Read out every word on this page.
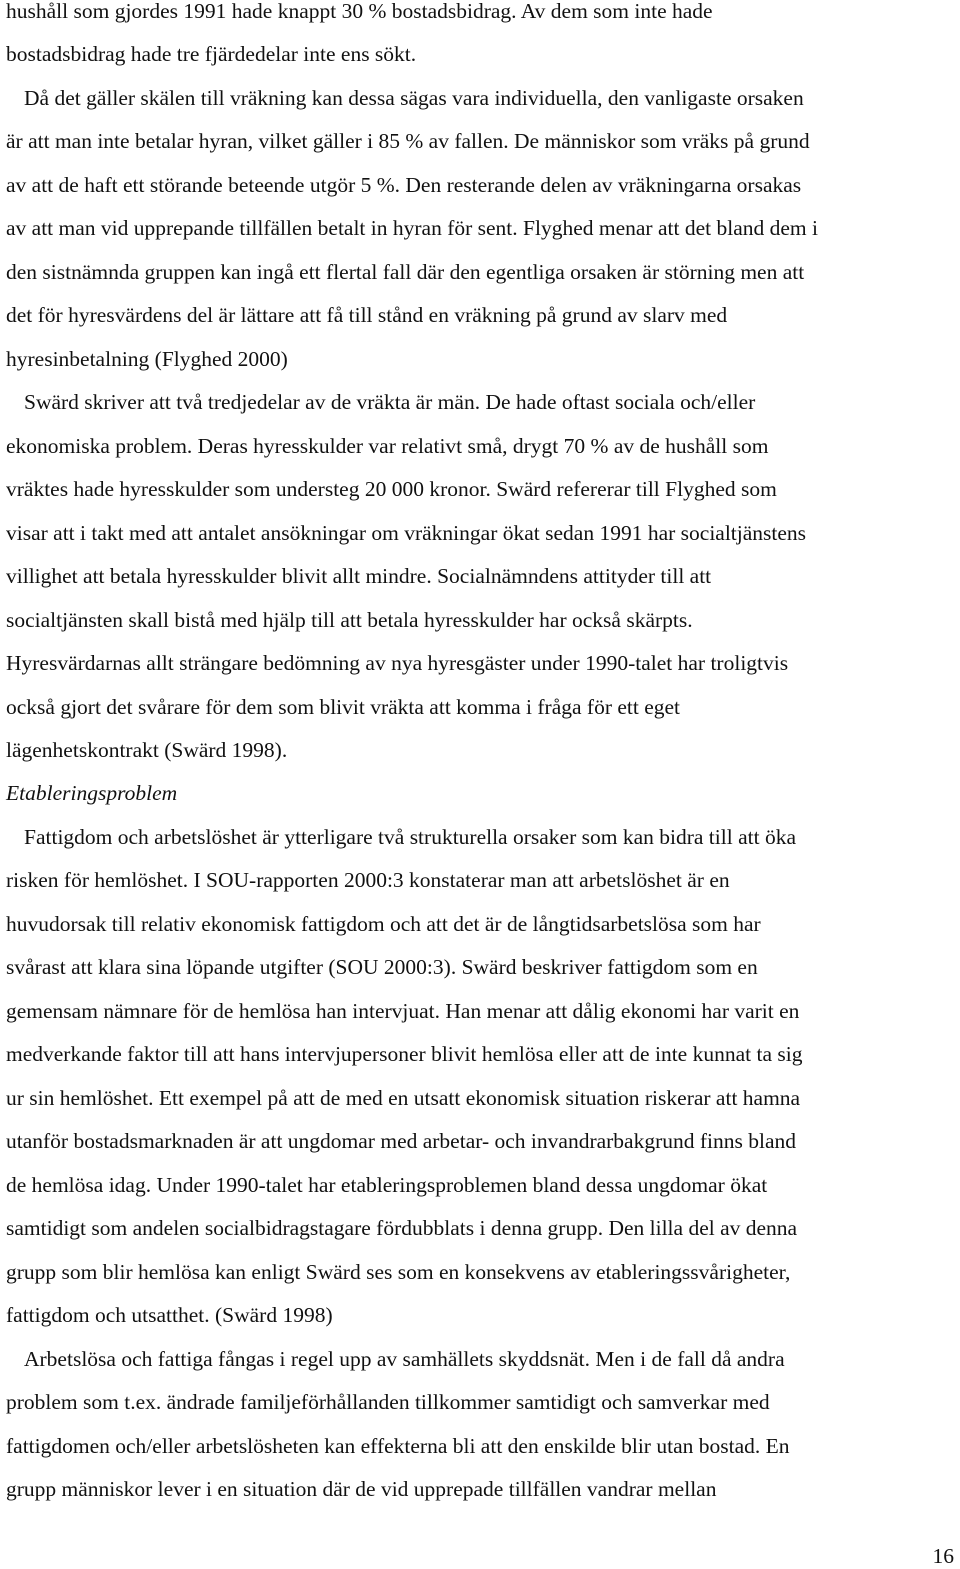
hushåll som gjordes 1991 hade knappt 30 % bostadsbidrag. Av dem som inte hade
bostadsbidrag hade tre fjärdedelar inte ens sökt.
Då det gäller skälen till vräkning kan dessa sägas vara individuella, den vanligaste orsaken
är att man inte betalar hyran, vilket gäller i 85 % av fallen. De människor som vräks på grund
av att de haft ett störande beteende utgör 5 %. Den resterande delen av vräkningarna orsakas
av att man vid upprepande tillfällen betalt in hyran för sent. Flyghed menar att det bland dem i
den sistnämnda gruppen kan ingå ett flertal fall där den egentliga orsaken är störning men att
det för hyresvärdens del är lättare att få till stånd en vräkning på grund av slarv med
hyresinbetalning (Flyghed 2000)
Swärd skriver att två tredjedelar av de vräkta är män. De hade oftast sociala och/eller
ekonomiska problem. Deras hyresskulder var relativt små, drygt 70 % av de hushåll som
vräktes hade hyresskulder som understeg 20 000 kronor. Swärd refererar till Flyghed som
visar att i takt med att antalet ansökningar om vräkningar ökat sedan 1991 har socialtjänstens
villighet att betala hyresskulder blivit allt mindre. Socialnämndens attityder till att
socialtjänsten skall bistå med hjälp till att betala hyresskulder har också skärpts.
Hyresvärdarnas allt strängare bedömning av nya hyresgäster under 1990-talet har troligtvis
också gjort det svårare för dem som blivit vräkta att komma i fråga för ett eget
lägenhetskontrakt (Swärd 1998).
Etableringsproblem
Fattigdom och arbetslöshet är ytterligare två strukturella orsaker som kan bidra till att öka
risken för hemlöshet. I SOU-rapporten 2000:3 konstaterar man att arbetslöshet är en
huvudorsak till relativ ekonomisk fattigdom och att det är de långtidsarbetslösa som har
svårast att klara sina löpande utgifter (SOU 2000:3). Swärd beskriver fattigdom som en
gemensam nämnare för de hemlösa han intervjuat. Han menar att dålig ekonomi har varit en
medverkande faktor till att hans intervjupersoner blivit hemlösa eller att de inte kunnat ta sig
ur sin hemlöshet. Ett exempel på att de med en utsatt ekonomisk situation riskerar att hamna
utanför bostadsmarknaden är att ungdomar med arbetar- och invandrarbakgrund finns bland
de hemlösa idag. Under 1990-talet har etableringsproblemen bland dessa ungdomar ökat
samtidigt som andelen socialbidragstagare fördubblats i denna grupp. Den lilla del av denna
grupp som blir hemlösa kan enligt Swärd ses som en konsekvens av etableringssvårigheter,
fattigdom och utsatthet. (Swärd 1998)
Arbetslösa och fattiga fångas i regel upp av samhällets skyddsnät. Men i de fall då andra
problem som t.ex. ändrade familjeförhållanden tillkommer samtidigt och samverkar med
fattigdomen och/eller arbetslösheten kan effekterna bli att den enskilde blir utan bostad. En
grupp människor lever i en situation där de vid upprepade tillfällen vandrar mellan
16
